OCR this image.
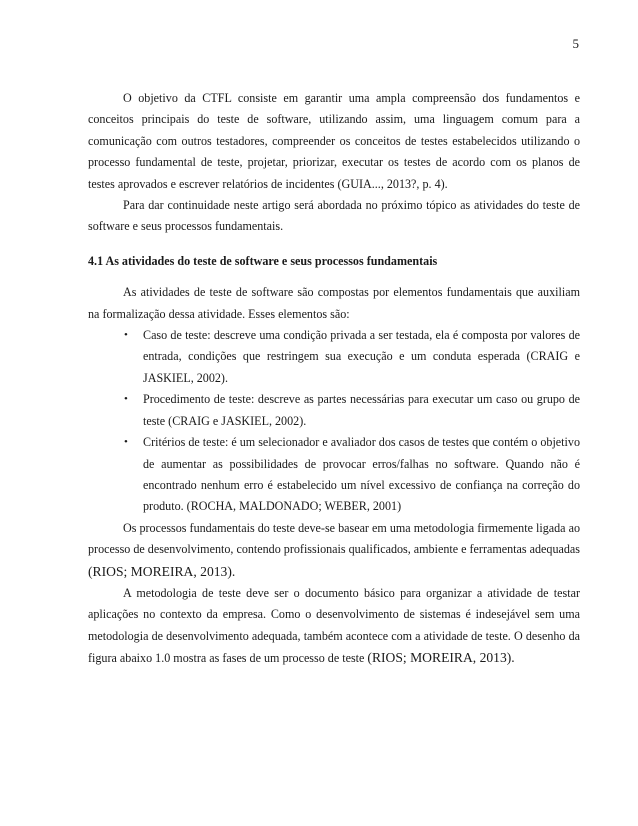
5

O objetivo da CTFL consiste em garantir uma ampla compreensão dos fundamentos e conceitos principais do teste de software, utilizando assim, uma linguagem comum para a comunicação com outros testadores, compreender os conceitos de testes estabelecidos utilizando o processo fundamental de teste, projetar, priorizar, executar os testes de acordo com os planos de testes aprovados e escrever relatórios de incidentes (GUIA..., 2013?, p. 4).

Para dar continuidade neste artigo será abordada no próximo tópico as atividades do teste de software e seus processos fundamentais.

4.1 As atividades do teste de software e seus processos fundamentais

As atividades de teste de software são compostas por elementos fundamentais que auxiliam na formalização dessa atividade. Esses elementos são:

• Caso de teste: descreve uma condição privada a ser testada, ela é composta por valores de entrada, condições que restringem sua execução e um conduta esperada (CRAIG e JASKIEL, 2002).
• Procedimento de teste: descreve as partes necessárias para executar um caso ou grupo de teste (CRAIG e JASKIEL, 2002).
• Critérios de teste: é um selecionador e avaliador dos casos de testes que contém o objetivo de aumentar as possibilidades de provocar erros/falhas no software. Quando não é encontrado nenhum erro é estabelecido um nível excessivo de confiança na correção do produto. (ROCHA, MALDONADO; WEBER, 2001)

Os processos fundamentais do teste deve-se basear em uma metodologia firmemente ligada ao processo de desenvolvimento, contendo profissionais qualificados, ambiente e ferramentas adequadas (RIOS; MOREIRA, 2013).

A metodologia de teste deve ser o documento básico para organizar a atividade de testar aplicações no contexto da empresa. Como o desenvolvimento de sistemas é indesejável sem uma metodologia de desenvolvimento adequada, também acontece com a atividade de teste. O desenho da figura abaixo 1.0 mostra as fases de um processo de teste (RIOS; MOREIRA, 2013).
